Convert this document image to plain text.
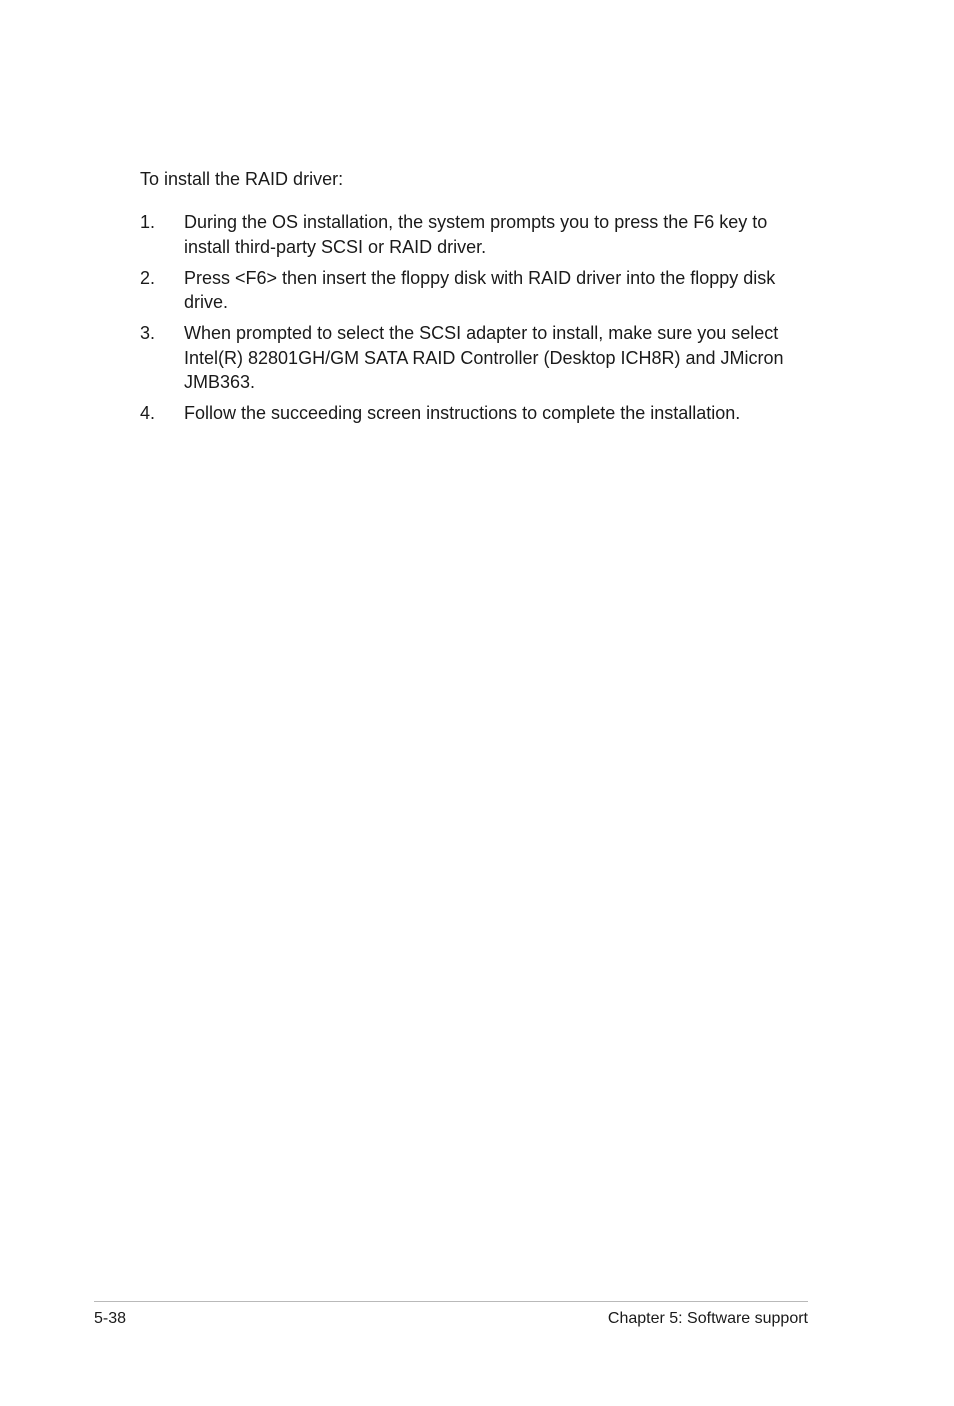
To install the RAID driver:

1. During the OS installation, the system prompts you to press the F6 key to install third-party SCSI or RAID driver.
2. Press <F6> then insert the floppy disk with RAID driver into the floppy disk drive.
3. When prompted to select the SCSI adapter to install, make sure you select Intel(R) 82801GH/GM SATA RAID Controller (Desktop ICH8R) and JMicron JMB363.
4. Follow the succeeding screen instructions to complete the installation.
5-38	Chapter 5: Software support
